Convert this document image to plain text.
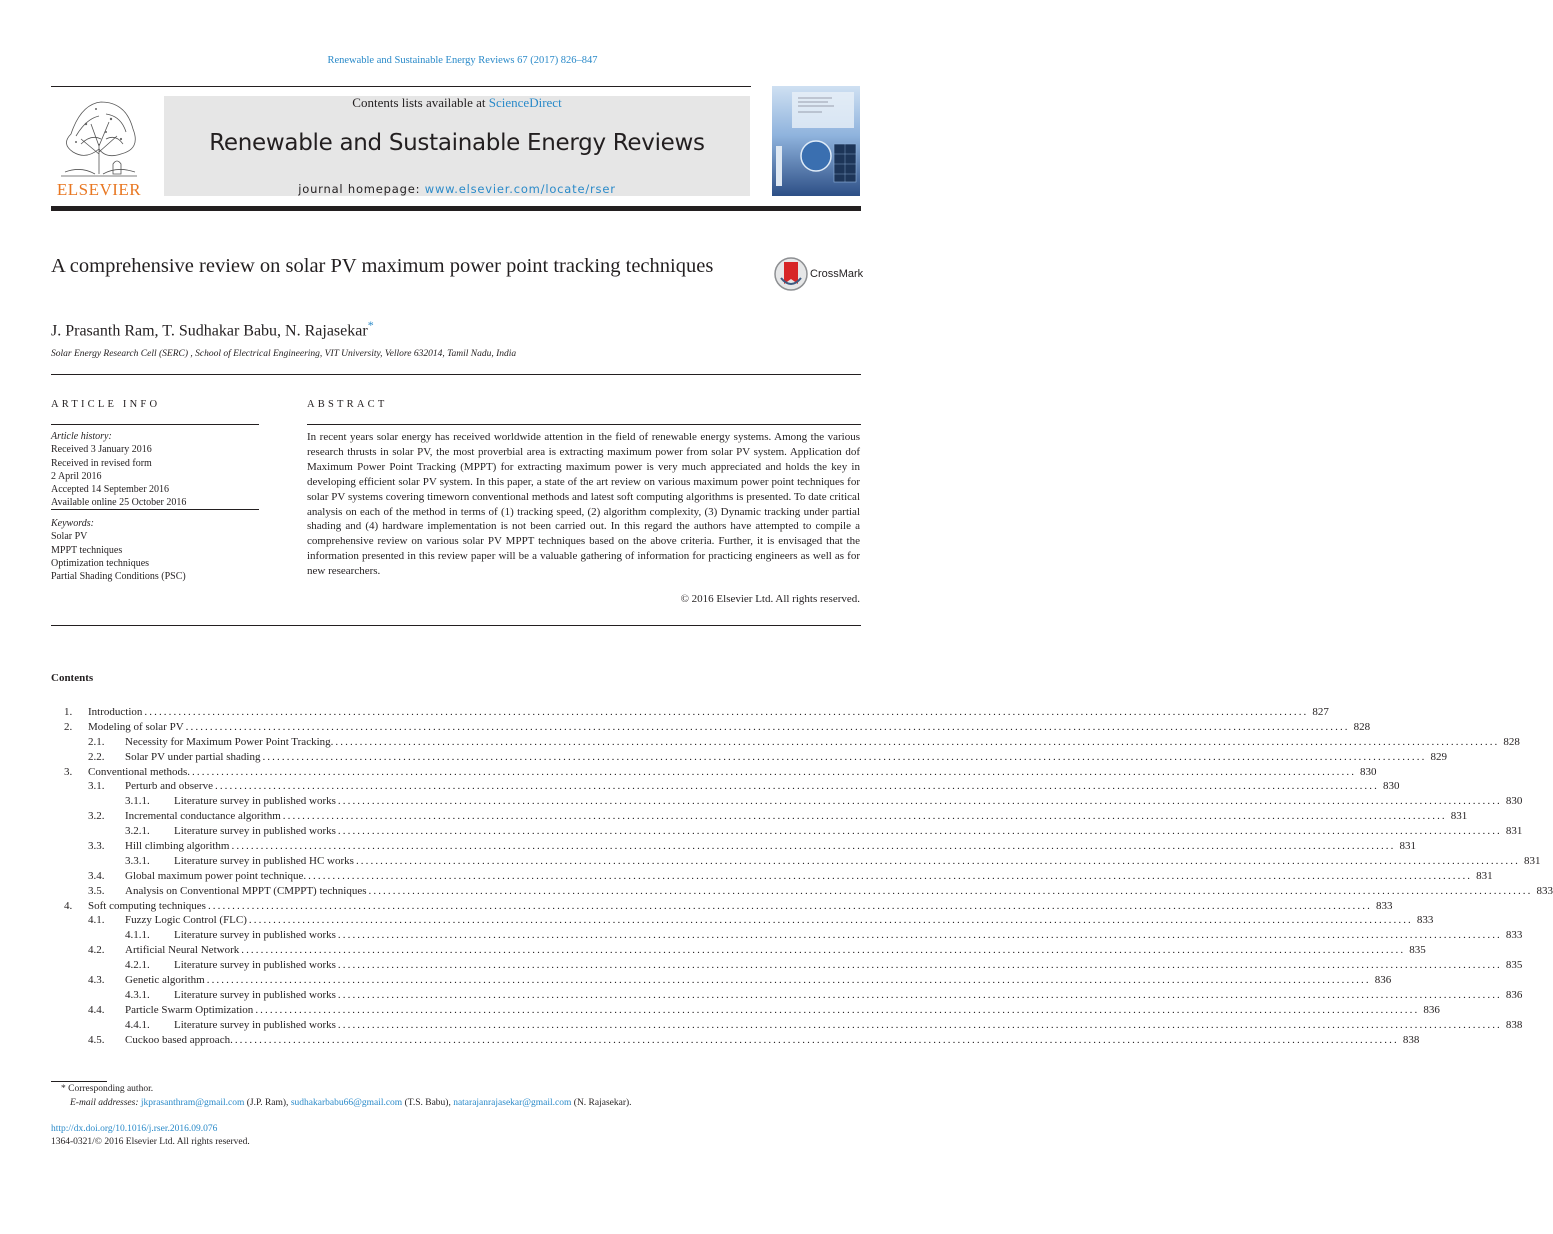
Renewable and Sustainable Energy Reviews 67 (2017) 826–847
ELSEVIER
Contents lists available at ScienceDirect
Renewable and Sustainable Energy Reviews
journal homepage: www.elsevier.com/locate/rser
A comprehensive review on solar PV maximum power point tracking techniques	CrossMark
J. Prasanth Ram, T. Sudhakar Babu, N. Rajasekar*
Solar Energy Research Cell (SERC) , School of Electrical Engineering, VIT University, Vellore 632014, Tamil Nadu, India
ARTICLE INFO
Article history:
Received 3 January 2016
Received in revised form
2 April 2016
Accepted 14 September 2016
Available online 25 October 2016
Keywords:
Solar PV
MPPT techniques
Optimization techniques
Partial Shading Conditions (PSC)
ABSTRACT
In recent years solar energy has received worldwide attention in the field of renewable energy systems. Among the various research thrusts in solar PV, the most proverbial area is extracting maximum power from solar PV system. Application dof Maximum Power Point Tracking (MPPT) for extracting maximum power is very much appreciated and holds the key in developing efficient solar PV system. In this paper, a state of the art review on various maximum power point techniques for solar PV systems covering timeworn conventional methods and latest soft computing algorithms is presented. To date critical analysis on each of the method in terms of (1) tracking speed, (2) algorithm complexity, (3) Dynamic tracking under partial shading and (4) hardware implementation is not been carried out. In this regard the authors have attempted to compile a comprehensive review on various solar PV MPPT techniques based on the above criteria. Further, it is envisaged that the information presented in this review paper will be a valuable gathering of information for practicing engineers as well as for new researchers.
© 2016 Elsevier Ltd. All rights reserved.
Contents
1. Introduction ................................................................................................................................................................................................................................................ 827
2. Modeling of solar PV ................................................................................................................................................................................................................................................ 828
2.1. Necessity for Maximum Power Point Tracking. ................................................................................................................................................................................................................................................ 828
2.2. Solar PV under partial shading ................................................................................................................................................................................................................................................ 829
3. Conventional methods. ................................................................................................................................................................................................................................................ 830
3.1. Perturb and observe ................................................................................................................................................................................................................................................ 830
3.1.1. Literature survey in published works ................................................................................................................................................................................................................................................ 830
3.2. Incremental conductance algorithm ................................................................................................................................................................................................................................................ 831
3.2.1. Literature survey in published works ................................................................................................................................................................................................................................................ 831
3.3. Hill climbing algorithm ................................................................................................................................................................................................................................................ 831
3.3.1. Literature survey in published HC works ................................................................................................................................................................................................................................................ 831
3.4. Global maximum power point technique. ................................................................................................................................................................................................................................................ 831
3.5. Analysis on Conventional MPPT (CMPPT) techniques ................................................................................................................................................................................................................................................ 833
4. Soft computing techniques ................................................................................................................................................................................................................................................ 833
4.1. Fuzzy Logic Control (FLC) ................................................................................................................................................................................................................................................ 833
4.1.1. Literature survey in published works ................................................................................................................................................................................................................................................ 833
4.2. Artificial Neural Network ................................................................................................................................................................................................................................................ 835
4.2.1. Literature survey in published works ................................................................................................................................................................................................................................................ 835
4.3. Genetic algorithm ................................................................................................................................................................................................................................................ 836
4.3.1. Literature survey in published works ................................................................................................................................................................................................................................................ 836
4.4. Particle Swarm Optimization ................................................................................................................................................................................................................................................ 836
4.4.1. Literature survey in published works ................................................................................................................................................................................................................................................ 838
4.5. Cuckoo based approach. ................................................................................................................................................................................................................................................ 838
* Corresponding author.
E-mail addresses: jkprasanthram@gmail.com (J.P. Ram), sudhakarbabu66@gmail.com (T.S. Babu), natarajanrajasekar@gmail.com (N. Rajasekar).
http://dx.doi.org/10.1016/j.rser.2016.09.076
1364-0321/© 2016 Elsevier Ltd. All rights reserved.
